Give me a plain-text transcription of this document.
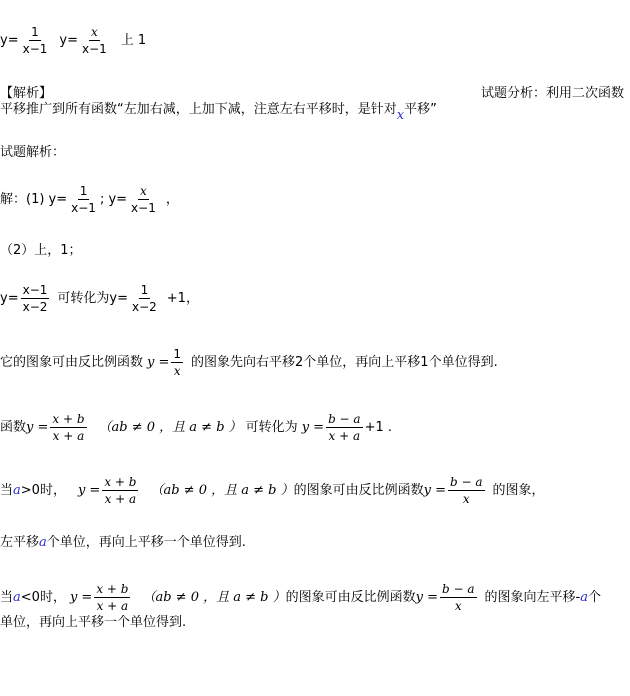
$y= \frac{1}{x-1} y= \frac{x}{x-1}$ 上 1
【解析】	试题分析：利用二次函数
平移推广到所有函数“左加右减，上加下减，注意左右平移时，是针对 x 平移”
试题解析：
解：(1) $y= \frac{1}{x-1}$ ; $y= \frac{x}{x-1}$ ，
（2）上，1；
$y= \frac{x-1}{x-2}$ 可转化为$y= \frac{1}{x-2} +1$，
它的图象可由反比例函数 $y = \frac{1}{x}$ 的图象先向右平移2个单位，再向上平移1个单位得到.
函数 $y = \frac{x + b}{x + a} (ab \ne 0$ ，且 a ≠ b ） 可转化为 $y = \frac{b - a}{x + a} +1$ .
当 a >0时， $y = \frac{x + b}{x + a} (ab \ne 0$ ，且 a ≠ b ） 的图象可由反比例函数 $y = \frac{b - a}{x}$ 的图象，
左平移 a 个单位，再向上平移一个单位得到.
当 a <0时， $y = \frac{x + b}{x + a} (ab \ne 0$ ，且 a ≠ b ） 的图象可由反比例函数 $y = \frac{b - a}{x}$ 的图象向左平移- a 个
单位，再向上平移一个单位得到.
